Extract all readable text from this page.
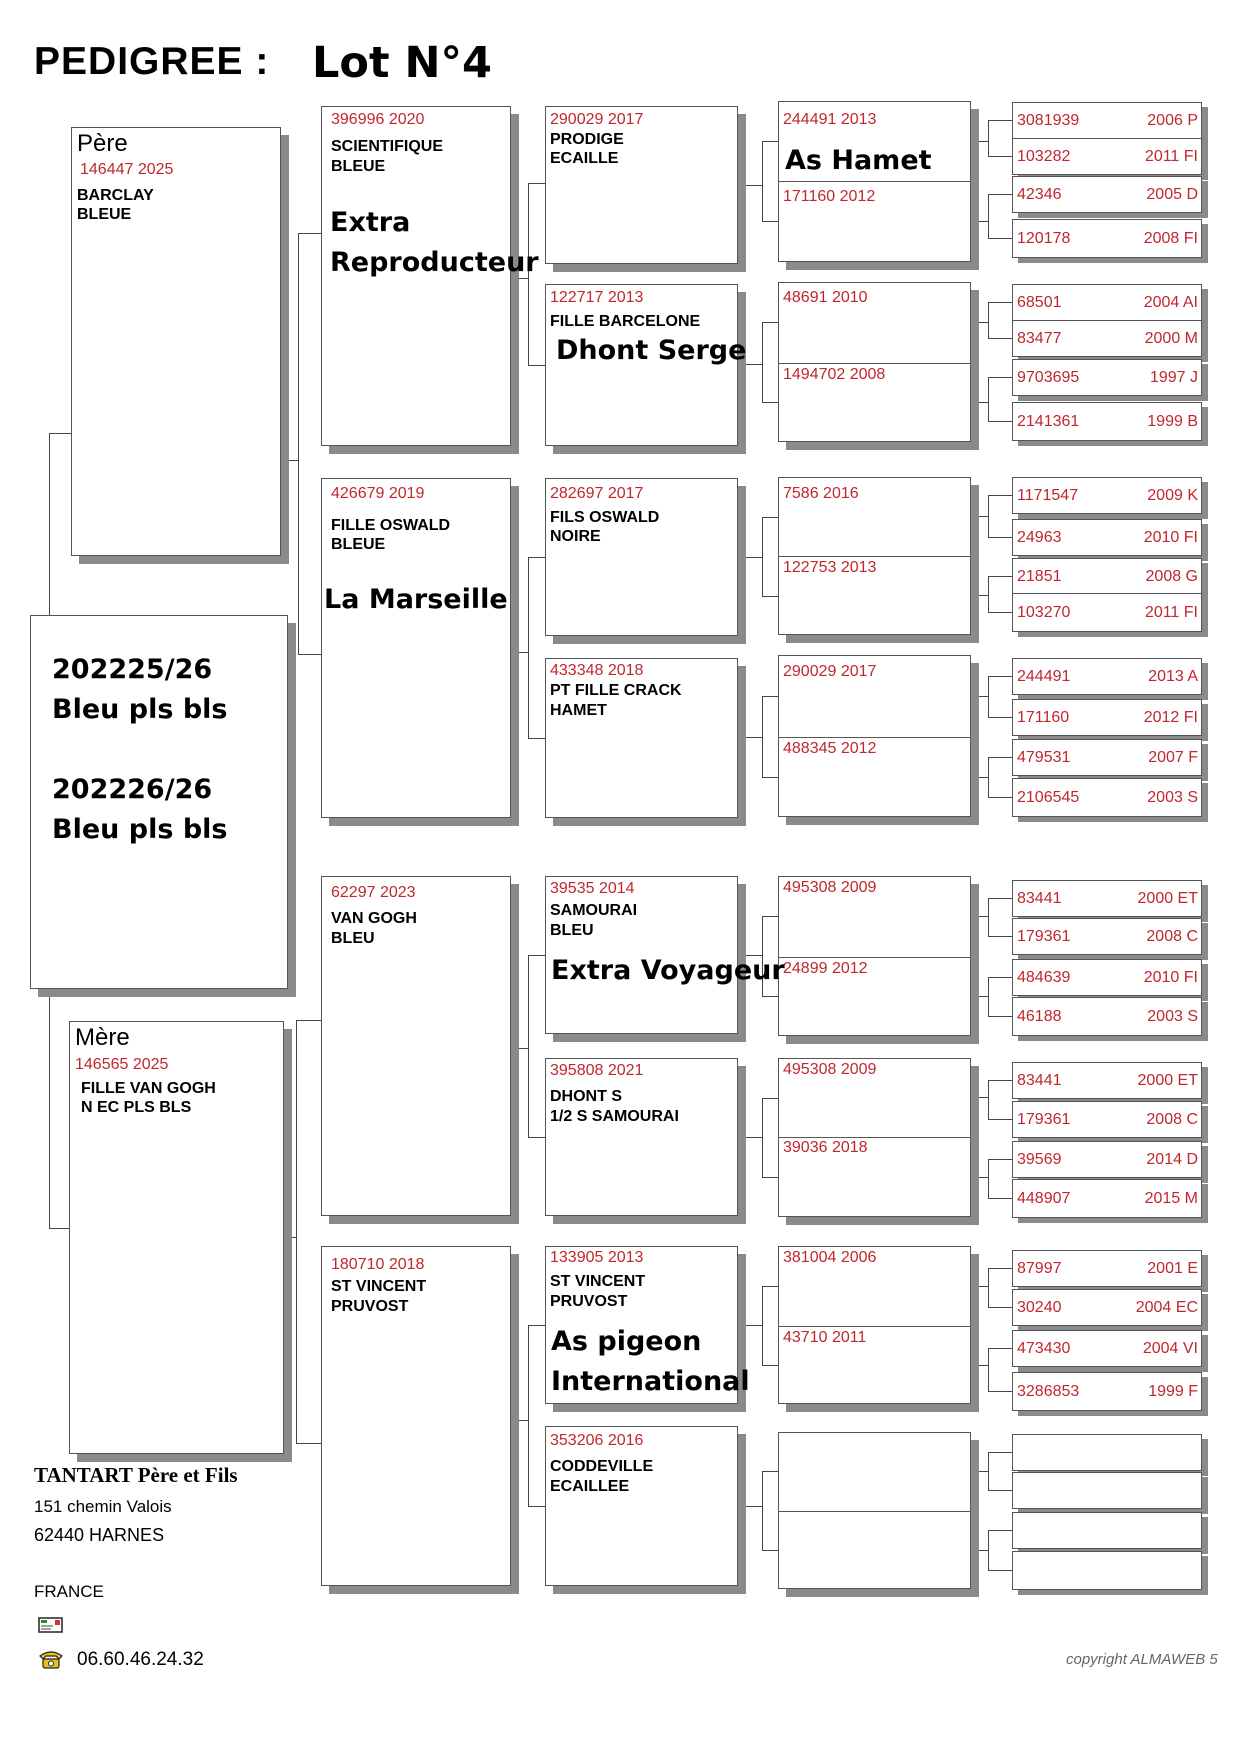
PEDIGREE : Lot N°4
Père
146447 2025
BARCLAY
BLEUE
202225/26
Bleu pls bls
202226/26
Bleu pls bls
Mère
146565 2025
FILLE VAN GOGH
N EC PLS BLS
396996 2020
SCIENTIFIQUE
BLEUE
426679 2019
FILLE OSWALD
BLEUE
62297 2023
VAN GOGH
BLEU
180710 2018
ST VINCENT
PRUVOST
290029 2017
PRODIGE
ECAILLE
122717 2013
FILLE BARCELONE
282697 2017
FILS OSWALD
NOIRE
433348 2018
PT FILLE CRACK
HAMET
39535 2014
SAMOURAI
BLEU
395808 2021
DHONT S
1/2 S SAMOURAI
133905 2013
ST VINCENT
PRUVOST
353206 2016
CODDEVILLE
ECAILLEE
244491 2013
171160 2012
48691 2010
1494702 2008
7586 2016
122753 2013
290029 2017
488345 2012
495308 2009
24899 2012
495308 2009
39036 2018
381004 2006
43710 2011
3081939	2006 P
103282	2011 FI
42346	2005 D
120178	2008 FI
68501	2004 AI
83477	2000 M
9703695	1997 J
2141361	1999 B
1171547	2009 K
24963	2010 FI
21851	2008 G
103270	2011 FI
244491	2013 A
171160	2012 FI
479531	2007 F
2106545	2003 S
83441	2000 ET
179361	2008 C
484639	2010 FI
46188	2003 S
83441	2000 ET
179361	2008 C
39569	2014 D
448907	2015 M
87997	2001 E
30240	2004 EC
473430	2004 VI
3286853	1999 F
Extra
Reproducteur
Dhont Serge
La Marseille
Extra Voyageur
As pigeon
International
As Hamet
TANTART Père et Fils
151 chemin Valois
62440 HARNES
FRANCE
06.60.46.24.32	copyright ALMAWEB 5
